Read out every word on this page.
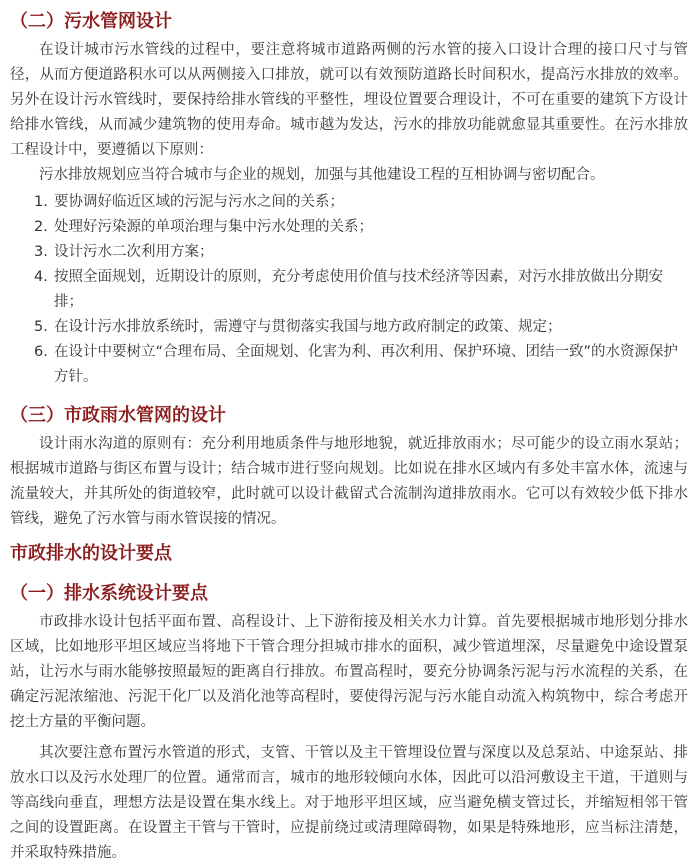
（二）污水管网设计

在设计城市污水管线的过程中，要注意将城市道路两侧的污水管的接入口设计合理的接口尺寸与管径，从而方便道路积水可以从两侧接入口排放，就可以有效预防道路长时间积水，提高污水排放的效率。另外在设计污水管线时，要保持给排水管线的平整性，埋设位置要合理设计，不可在重要的建筑下方设计给排水管线，从而减少建筑物的使用寿命。城市越为发达，污水的排放功能就愈显其重要性。在污水排放工程设计中，要遵循以下原则：

污水排放规划应当符合城市与企业的规划，加强与其他建设工程的互相协调与密切配合。

1. 要协调好临近区域的污泥与污水之间的关系；
2. 处理好污染源的单项治理与集中污水处理的关系；
3. 设计污水二次利用方案；
4. 按照全面规划，近期设计的原则，充分考虑使用价值与技术经济等因素，对污水排放做出分期安排；
5. 在设计污水排放系统时，需遵守与贯彻落实我国与地方政府制定的政策、规定；
6. 在设计中要树立“合理布局、全面规划、化害为利、再次利用、保护环境、团结一致”的水资源保护方针。
（三）市政雨水管网的设计

设计雨水沟道的原则有：充分利用地质条件与地形地貌，就近排放雨水；尽可能少的设立雨水泵站；根据城市道路与街区布置与设计；结合城市进行竖向规划。比如说在排水区域内有多处丰富水体，流速与流量较大，并其所处的街道较窄，此时就可以设计截留式合流制沟道排放雨水。它可以有效较少低下排水管线，避免了污水管与雨水管误接的情况。

市政排水的设计要点
（一）排水系统设计要点

市政排水设计包括平面布置、高程设计、上下游衔接及相关水力计算。首先要根据城市地形划分排水区域，比如地形平坦区域应当将地下干管合理分担城市排水的面积，减少管道埋深，尽量避免中途设置泵站，让污水与雨水能够按照最短的距离自行排放。布置高程时，要充分协调条污泥与污水流程的关系，在确定污泥浓缩池、污泥干化厂以及消化池等高程时，要使得污泥与污水能自动流入构筑物中，综合考虑开挖土方量的平衡问题。

其次要注意布置污水管道的形式，支管、干管以及主干管埋设位置与深度以及总泵站、中途泵站、排放水口以及污水处理厂的位置。通常而言，城市的地形较倾向水体，因此可以沿河敷设主干道，干道则与等高线向垂直，理想方法是设置在集水线上。对于地形平坦区域，应当避免横支管过长，并缩短相邻干管之间的设置距离。在设置主干管与干管时，应提前绕过或清理障碍物，如果是特殊地形，应当标注清楚，并采取特殊措施。
